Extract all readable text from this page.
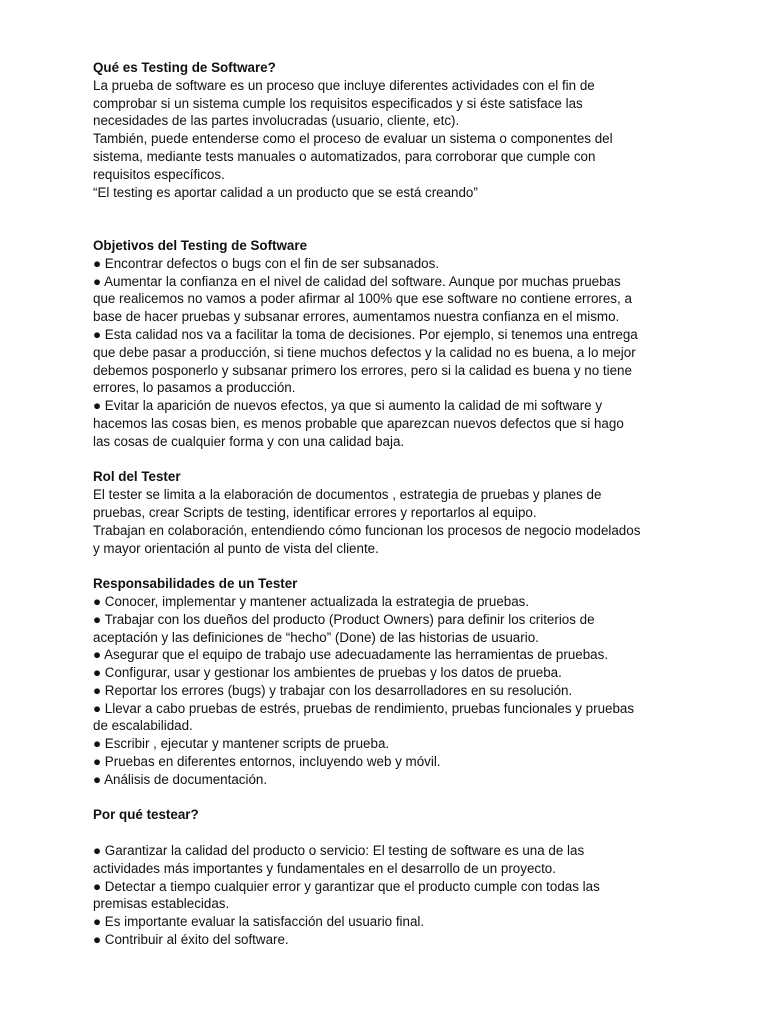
Qué es Testing de Software?
La prueba de software es un proceso que incluye diferentes actividades con el fin de
comprobar si un sistema cumple los requisitos especificados y si éste satisface las
necesidades de las partes involucradas (usuario, cliente, etc).
También, puede entenderse como el proceso de evaluar un sistema o componentes del
sistema, mediante tests manuales o automatizados, para corroborar que cumple con
requisitos específicos.
“El testing es aportar calidad a un producto que se está creando”
Objetivos del Testing de Software
● Encontrar defectos o bugs con el fin de ser subsanados.
● Aumentar la confianza en el nivel de calidad del software. Aunque por muchas pruebas
que realicemos no vamos a poder afirmar al 100% que ese software no contiene errores, a
base de hacer pruebas y subsanar errores, aumentamos nuestra confianza en el mismo.
● Esta calidad nos va a facilitar la toma de decisiones. Por ejemplo, si tenemos una entrega
que debe pasar a producción, si tiene muchos defectos y la calidad no es buena, a lo mejor
debemos posponerlo y subsanar primero los errores, pero si la calidad es buena y no tiene
errores, lo pasamos a producción.
● Evitar la aparición de nuevos efectos, ya que si aumento la calidad de mi software y
hacemos las cosas bien, es menos probable que aparezcan nuevos defectos que si hago
las cosas de cualquier forma y con una calidad baja.
Rol del Tester
El tester se limita a la elaboración de documentos , estrategia de pruebas y planes de
pruebas, crear Scripts de testing, identificar errores y reportarlos al equipo.
Trabajan en colaboración, entendiendo cómo funcionan los procesos de negocio modelados
y mayor orientación al punto de vista del cliente.
Responsabilidades de un Tester
● Conocer, implementar y mantener actualizada la estrategia de pruebas.
● Trabajar con los dueños del producto (Product Owners) para definir los criterios de
aceptación y las definiciones de “hecho” (Done) de las historias de usuario.
● Asegurar que el equipo de trabajo use adecuadamente las herramientas de pruebas.
● Configurar, usar y gestionar los ambientes de pruebas y los datos de prueba.
● Reportar los errores (bugs) y trabajar con los desarrolladores en su resolución.
● Llevar a cabo pruebas de estrés, pruebas de rendimiento, pruebas funcionales y pruebas
de escalabilidad.
● Escribir , ejecutar y mantener scripts de prueba.
● Pruebas en diferentes entornos, incluyendo web y móvil.
● Análisis de documentación.
Por qué testear?
● Garantizar la calidad del producto o servicio: El testing de software es una de las
actividades más importantes y fundamentales en el desarrollo de un proyecto.
● Detectar a tiempo cualquier error y garantizar que el producto cumple con todas las
premisas establecidas.
● Es importante evaluar la satisfacción del usuario final.
● Contribuir al éxito del software.
